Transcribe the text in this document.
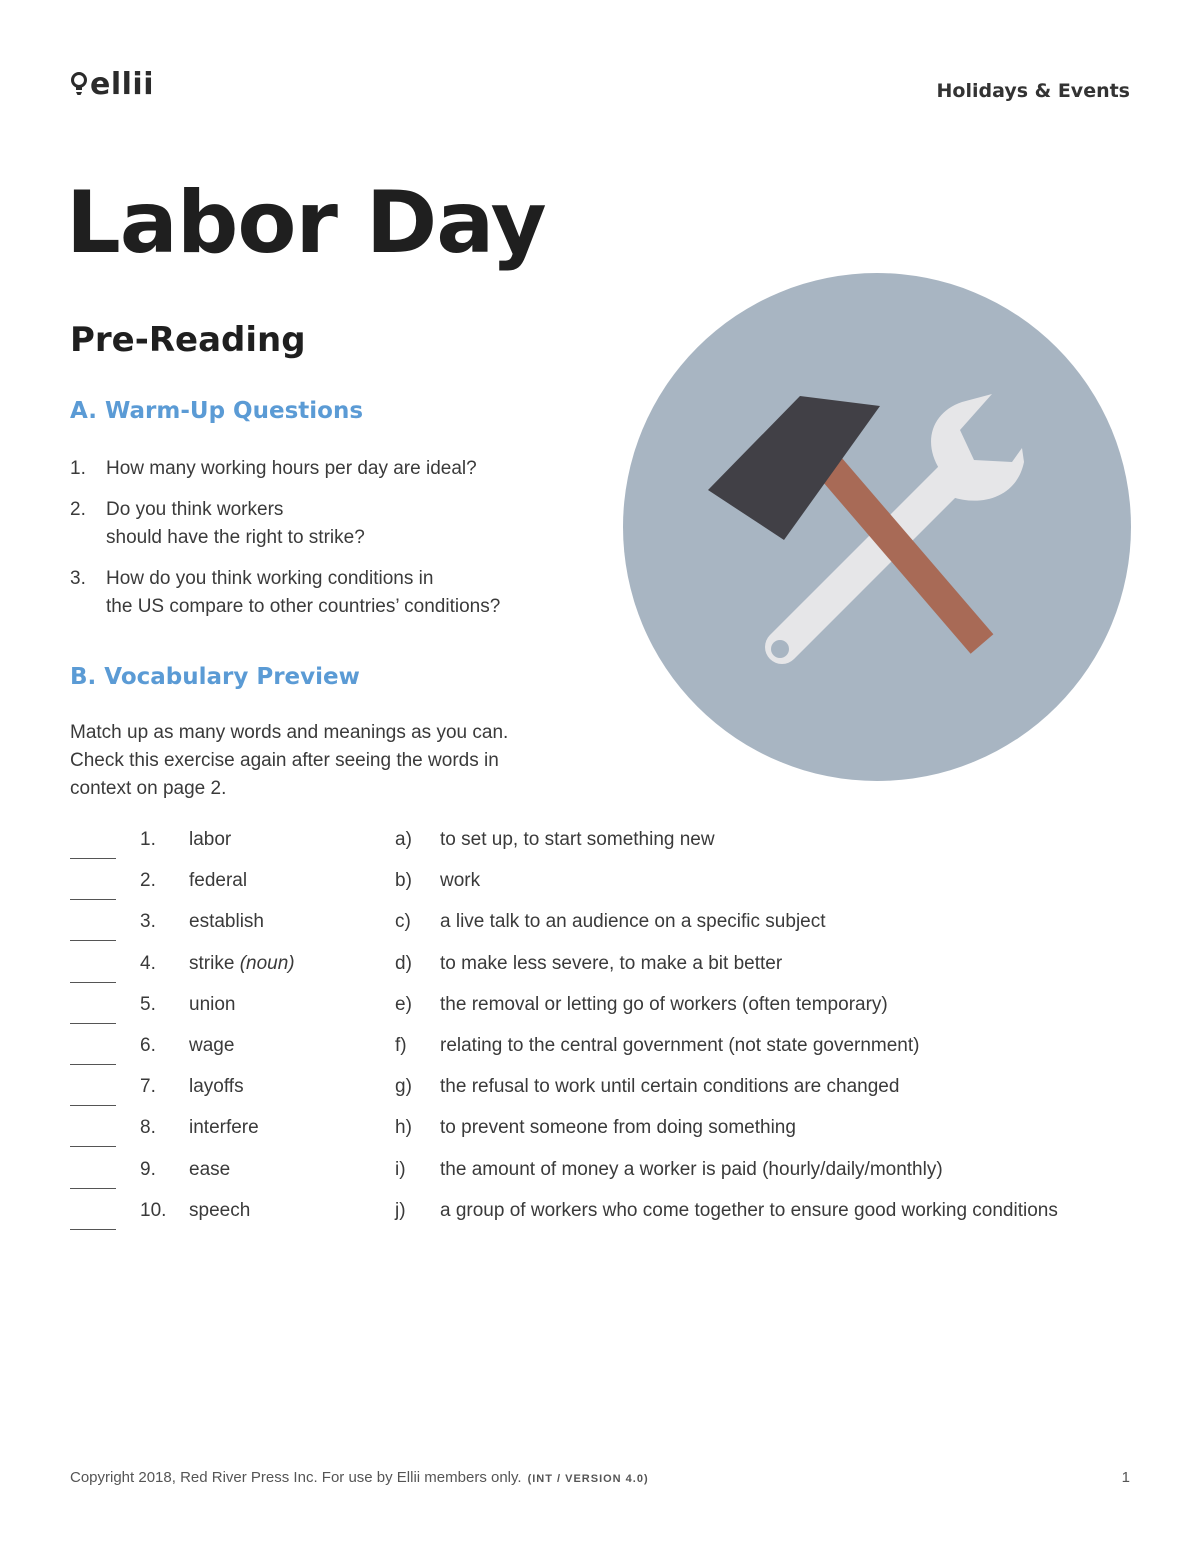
ellii	Holidays & Events
Labor Day
Pre-Reading
A. Warm-Up Questions
1.	How many working hours per day are ideal?
2.	Do you think workers
should have the right to strike?
3.	How do you think working conditions in
the US compare to other countries’ conditions?
B. Vocabulary Preview

Match up as many words and meanings as you can.
Check this exercise again after seeing the words in
context on page 2.

1.	labor	a) to set up, to start something new
2.	federal	b) work
3.	establish	c) a live talk to an audience on a specific subject
4.	strike (noun)	d) to make less severe, to make a bit better
5.	union	e) the removal or letting go of workers (often temporary)
6.	wage	f) relating to the central government (not state government)
7.	layoffs	g) the refusal to work until certain conditions are changed
8.	interfere	h) to prevent someone from doing something
9.	ease	i) the amount of money a worker is paid (hourly/daily/monthly)
10. speech	j) a group of workers who come together to ensure good working conditions
Copyright 2018, Red River Press Inc. For use by Ellii members only. (INT / VERSION 4.0)	1
